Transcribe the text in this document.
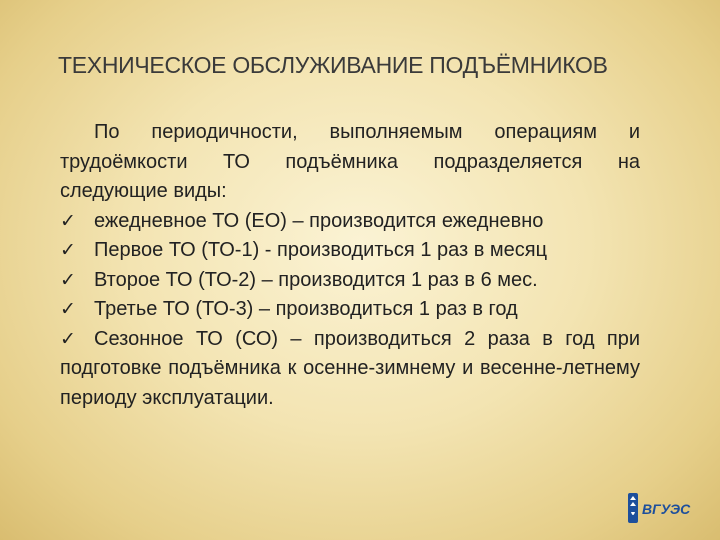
ТЕХНИЧЕСКОЕ ОБСЛУЖИВАНИЕ ПОДЪЁМНИКОВ
По периодичности, выполняемым операциям и
трудоёмкости ТО подъёмника подразделяется на
следующие виды:
✓ ежедневное ТО (ЕО) – производится ежедневно
✓ Первое ТО (ТО-1) - производиться 1 раз в месяц
✓ Второе ТО (ТО-2) – производится 1 раз в 6 мес.
✓ Третье ТО (ТО-3) – производиться 1 раз в год
✓ Сезонное ТО (СО) – производиться 2 раза в год при подготовке подъёмника к осенне-зимнему и весенне-летнему периоду эксплуатации.
ВГУЭС
